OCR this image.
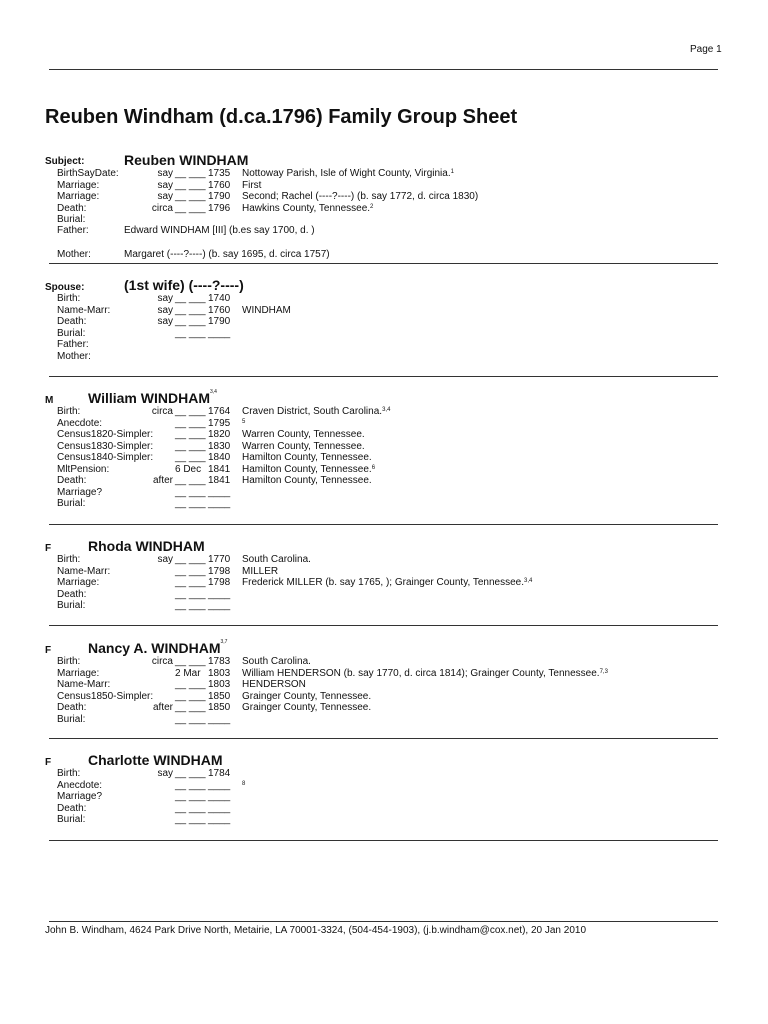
Page 1
Reuben Windham (d.ca.1796) Family Group Sheet
Subject:	Reuben WINDHAM
BirthSayDate:	say __ ___ 1735 Nottoway Parish, Isle of Wight County, Virginia.$^1$
Marriage:	say __ ___ 1760 First
Marriage:	say __ ___ 1790 Second; Rachel (----?----) (b. say 1772, d. circa 1830)
Death:	circa __ ___ 1796 Hawkins County, Tennessee.$^2$
Burial:
Father:	Edward WINDHAM [III] (b.es say 1700, d. )
Mother:	Margaret (----?----) (b. say 1695, d. circa 1757)
Spouse:	(1st wife) (----?----)
Birth:	say __ ___ 1740
Name-Marr:	say __ ___ 1760 WINDHAM
Death:	say __ ___ 1790
Burial:	__ ___ ____
Father:
Mother:
M William WINDHAM$^{3,4}$
Birth:	circa __ ___ 1764 Craven District, South Carolina.$^{3,4}$
Anecdote:	__ ___ 1795 $^5$
Census1820-Simpler: __ ___ 1820 Warren County, Tennessee.
Census1830-Simpler: __ ___ 1830 Warren County, Tennessee.
Census1840-Simpler: __ ___ 1840 Hamilton County, Tennessee.
MltPension:	6 Dec 1841 Hamilton County, Tennessee.$^6$
Death:	after __ ___ 1841 Hamilton County, Tennessee.
Marriage?	__ ___ ____
Burial:	__ ___ ____
F	Rhoda WINDHAM
Birth:	say __ ___ 1770 South Carolina.
Name-Marr:	__ ___ 1798 MILLER
Marriage:	__ ___ 1798 Frederick MILLER (b. say 1765, ); Grainger County, Tennessee.$^{3,4}$
Death:	__ ___ ____
Burial:	__ ___ ____
F	Nancy A. WINDHAM$^{3,7}$
Birth:	circa __ ___ 1783 South Carolina.
Marriage:	2 Mar 1803 William HENDERSON (b. say 1770, d. circa 1814); Grainger County, Tennessee.$^{7,3}$
Name-Marr:	__ ___ 1803 HENDERSON
Census1850-Simpler: __ ___ 1850 Grainger County, Tennessee.
Death:	after __ ___ 1850 Grainger County, Tennessee.
Burial:	__ ___ ____
F	Charlotte WINDHAM
Birth:	say __ ___ 1784
Anecdote:	__ ___ ____ $^8$
Marriage?	__ ___ ____
Death:	__ ___ ____
Burial:	__ ___ ____
John B. Windham, 4624 Park Drive North, Metairie, LA 70001-3324, (504-454-1903), (j.b.windham@cox.net), 20 Jan 2010
